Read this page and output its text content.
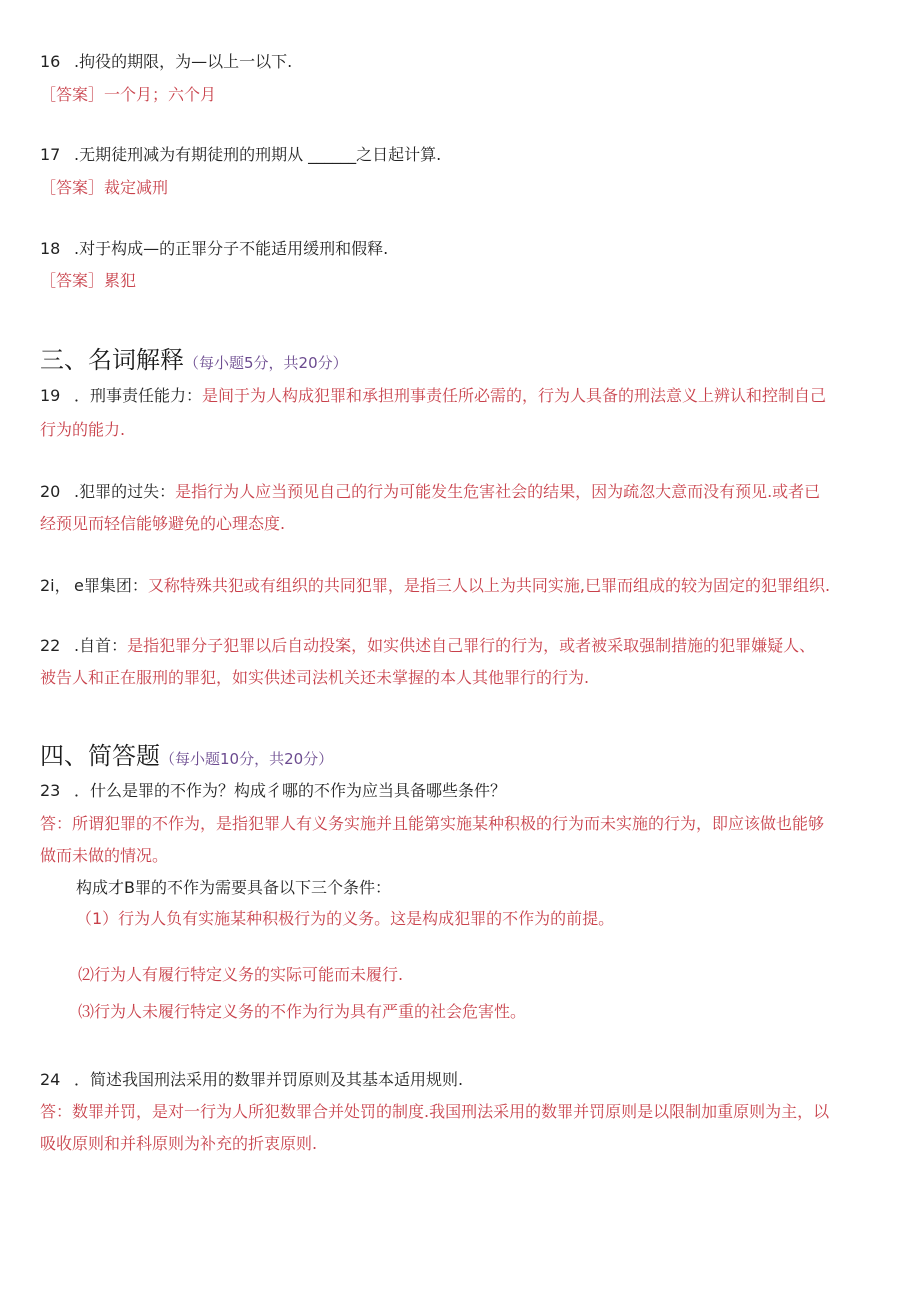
16 .拘役的期限，为—以上一以下.
［答案］一个月；六个月
17 .无期徒刑减为有期徒刑的刑期从 ______之日起计算.
［答案］裁定减刑
18 .对于构成—的正罪分子不能适用缓刑和假释.
［答案］累犯
三、名词解释（每小题5分，共20分）
19 ．刑事责任能力：是间于为人构成犯罪和承担刑事责任所必需的，行为人具备的刑法意义上辨认和控制自己
行为的能力.
20 .犯罪的过失：是指行为人应当预见自己的行为可能发生危害社会的结果，因为疏忽大意而没有预见.或者已
经预见而轻信能够避免的心理态度.
2i， e罪集团：又称特殊共犯或有组织的共同犯罪，是指三人以上为共同实施,巳罪而组成的较为固定的犯罪组织.
22 .自首：是指犯罪分子犯罪以后自动投案，如实供述自己罪行的行为，或者被采取强制措施的犯罪嫌疑人、
被告人和正在服刑的罪犯，如实供述司法机关还未掌握的本人其他罪行的行为.
四、简答题（每小题10分，共20分）
23 ．什么是罪的不作为？构成彳哪的不作为应当具备哪些条件？
答：所谓犯罪的不作为，是指犯罪人有义务实施并且能第实施某种积极的行为而未实施的行为，即应该做也能够
做而未做的情况。
构成才B罪的不作为需要具备以下三个条件：
（1）行为人负有实施某种积极行为的义务。这是构成犯罪的不作为的前提。
⑵行为人有履行特定义务的实际可能而未履行.
⑶行为人未履行特定义务的不作为行为具有严重的社会危害性。
24 ．简述我国刑法采用的数罪并罚原则及其基本适用规则.
答：数罪并罚，是对一行为人所犯数罪合并处罚的制度.我国刑法采用的数罪并罚原则是以限制加重原则为主，以
吸收原则和并科原则为补充的折衷原则.
